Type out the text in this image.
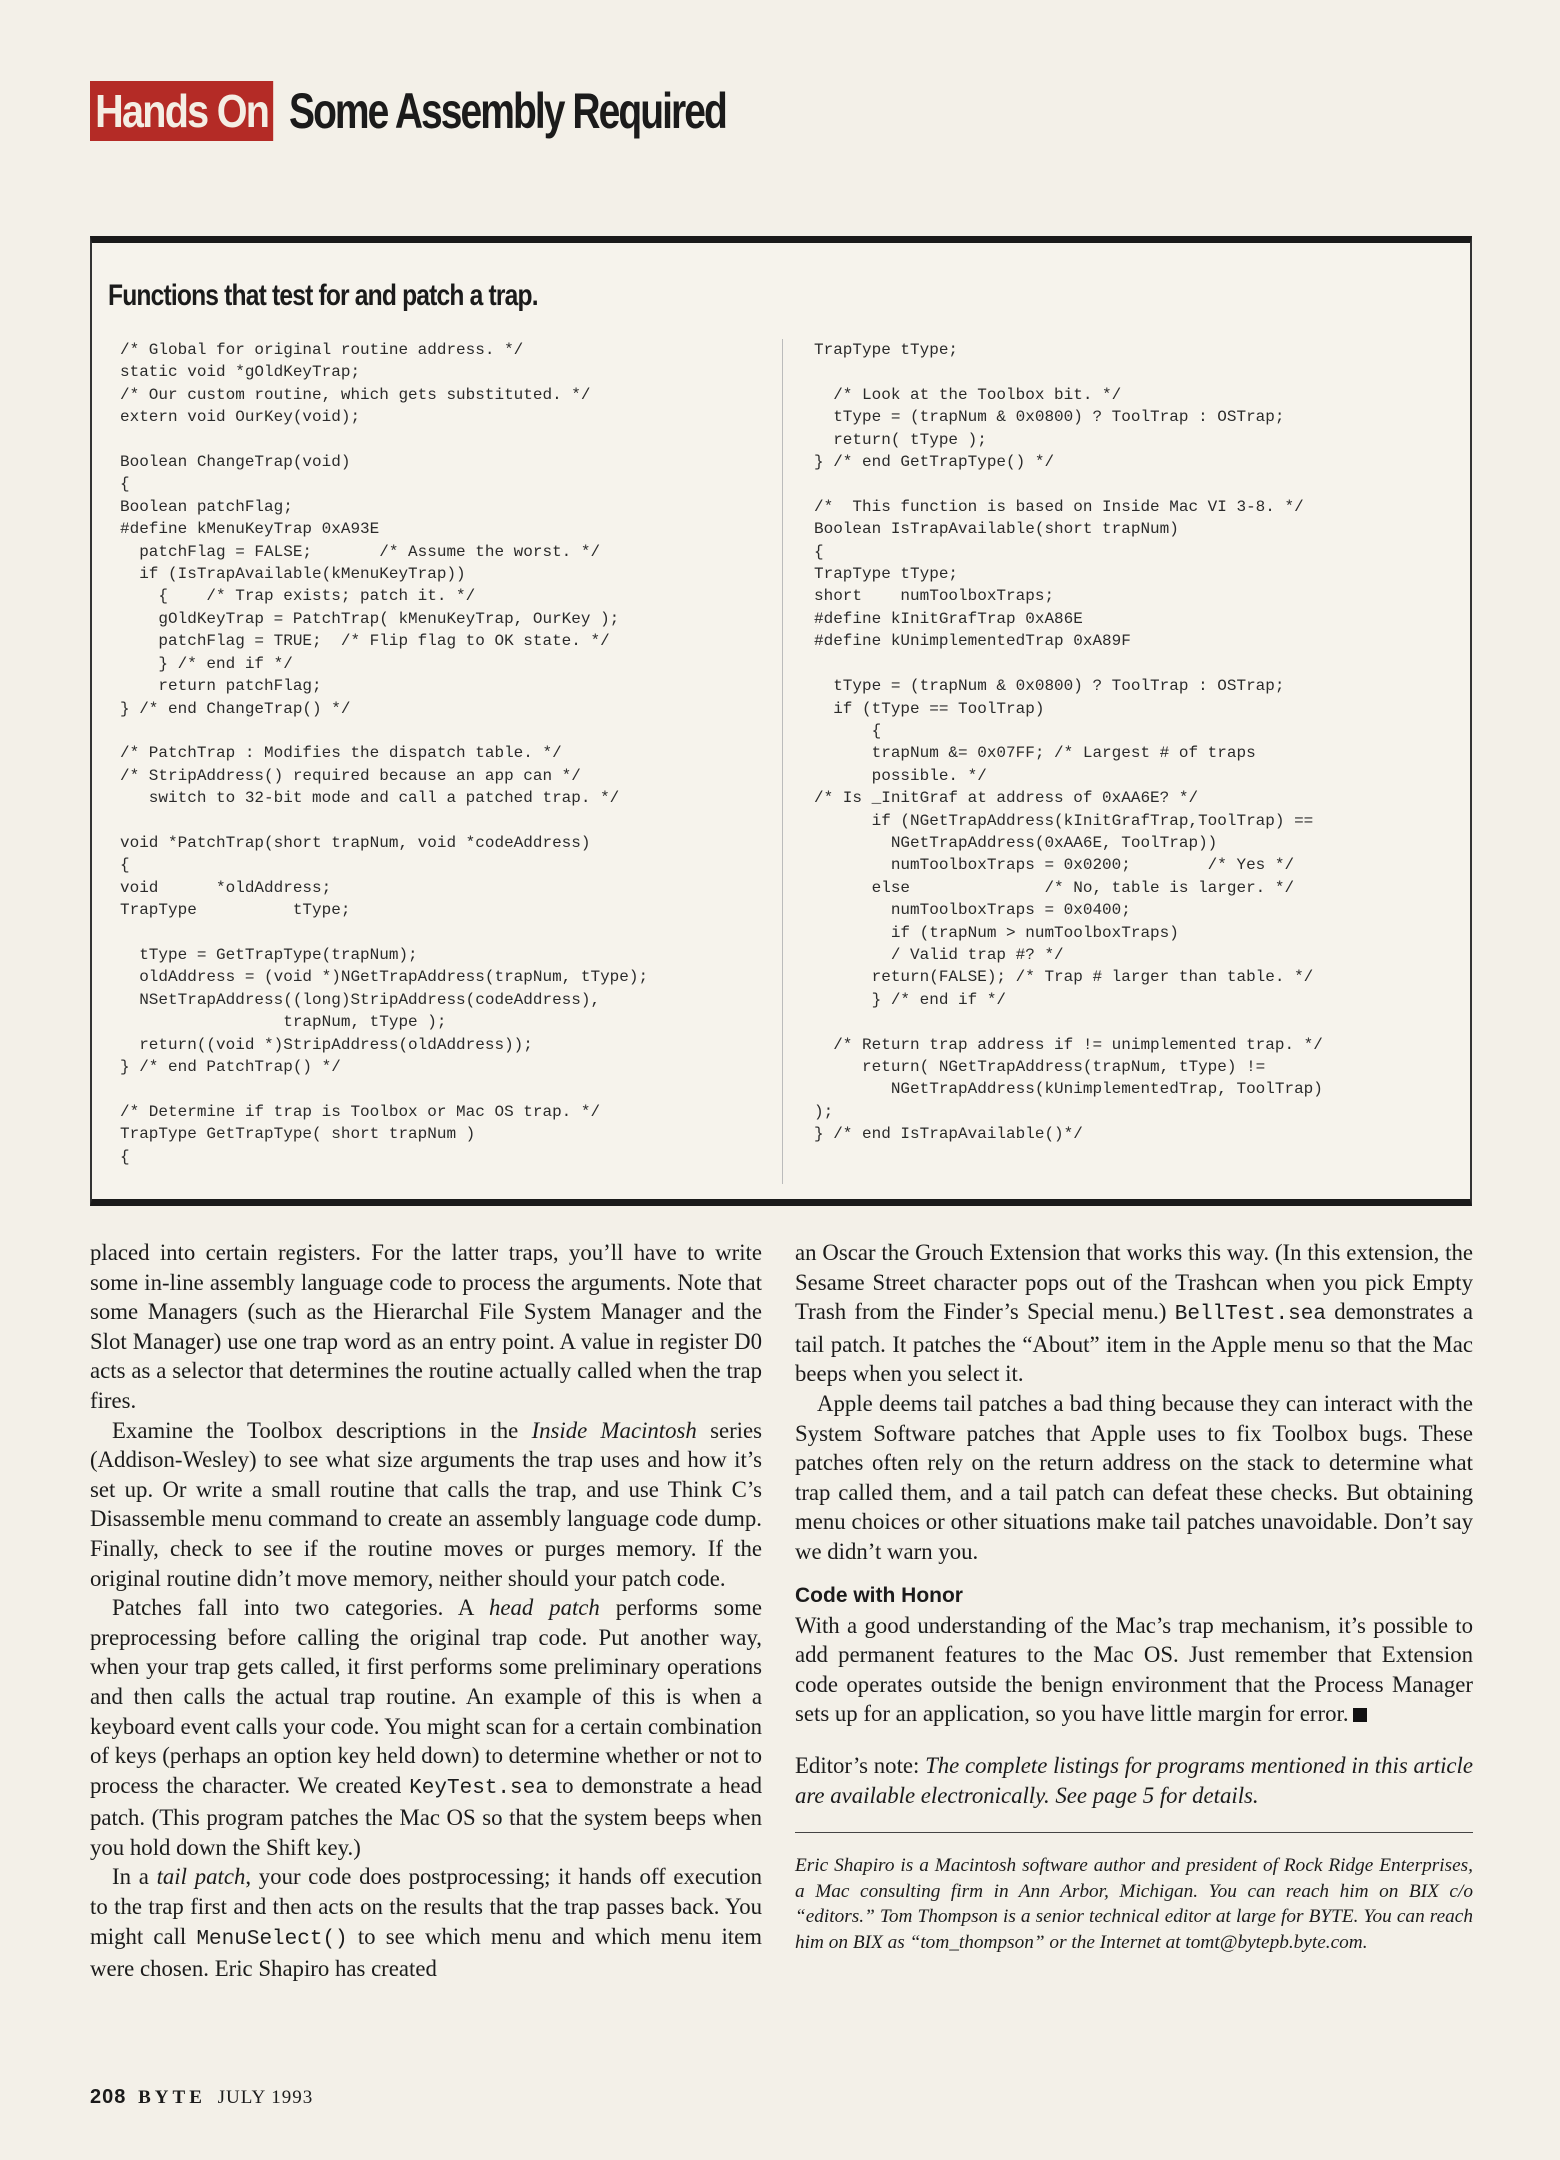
Hands On Some Assembly Required
Functions that test for and patch a trap.
/* Global for original routine address. */
static void *gOldKeyTrap;
/* Our custom routine, which gets substituted. */
extern void OurKey(void);

Boolean ChangeTrap(void)
{
Boolean patchFlag;
#define kMenuKeyTrap 0xA93E
patchFlag = FALSE;       /* Assume the worst. */
if (IsTrapAvailable(kMenuKeyTrap))
{    /* Trap exists; patch it. */
gOldKeyTrap = PatchTrap( kMenuKeyTrap, OurKey );
patchFlag = TRUE;  /* Flip flag to OK state. */
} /* end if */
return patchFlag;
} /* end ChangeTrap() */

/* PatchTrap : Modifies the dispatch table. */
/* StripAddress() required because an app can */
switch to 32-bit mode and call a patched trap. */

void *PatchTrap(short trapNum, void *codeAddress)
{
void      *oldAddress;
TrapType          tType;

tType = GetTrapType(trapNum);
oldAddress = (void *)NGetTrapAddress(trapNum, tType);
NSetTrapAddress((long)StripAddress(codeAddress),
trapNum, tType );
return((void *)StripAddress(oldAddress));
} /* end PatchTrap() */

/* Determine if trap is Toolbox or Mac OS trap. */
TrapType GetTrapType( short trapNum )
{
TrapType tType;

/* Look at the Toolbox bit. */
tType = (trapNum & 0x0800) ? ToolTrap : OSTrap;
return( tType );
} /* end GetTrapType() */

/*  This function is based on Inside Mac VI 3-8. */
Boolean IsTrapAvailable(short trapNum)
{
TrapType tType;
short    numToolboxTraps;
#define kInitGrafTrap 0xA86E
#define kUnimplementedTrap 0xA89F

tType = (trapNum & 0x0800) ? ToolTrap : OSTrap;
if (tType == ToolTrap)
{
trapNum &= 0x07FF; /* Largest # of traps
possible. */
/* Is _InitGraf at address of 0xAA6E? */
if (NGetTrapAddress(kInitGrafTrap,ToolTrap) ==
NGetTrapAddress(0xAA6E, ToolTrap))
numToolboxTraps = 0x0200;        /* Yes */
else              /* No, table is larger. */
numToolboxTraps = 0x0400;
if (trapNum > numToolboxTraps)
/ Valid trap #? */
return(FALSE); /* Trap # larger than table. */
} /* end if */

/* Return trap address if != unimplemented trap. */
return( NGetTrapAddress(trapNum, tType) !=
NGetTrapAddress(kUnimplementedTrap, ToolTrap)
);
} /* end IsTrapAvailable()*/

placed into certain registers. For the latter traps, you’ll have to write some in-line assembly language code to process the arguments. Note that some Managers (such as the Hierarchal File System Manager and the Slot Manager) use one trap word as an entry point. A value in register D0 acts as a selector that determines the routine actually called when the trap fires.

Examine the Toolbox descriptions in the Inside Macintosh series (Addison-Wesley) to see what size arguments the trap uses and how it’s set up. Or write a small routine that calls the trap, and use Think C’s Disassemble menu command to create an assembly language code dump. Finally, check to see if the routine moves or purges memory. If the original routine didn’t move memory, neither should your patch code.

Patches fall into two categories. A head patch performs some preprocessing before calling the original trap code. Put another way, when your trap gets called, it first performs some preliminary operations and then calls the actual trap routine. An example of this is when a keyboard event calls your code. You might scan for a certain combination of keys (perhaps an option key held down) to determine whether or not to process the character. We created KeyTest.sea to demonstrate a head patch. (This program patches the Mac OS so that the system beeps when you hold down the Shift key.)

In a tail patch, your code does postprocessing; it hands off execution to the trap first and then acts on the results that the trap passes back. You might call MenuSelect() to see which menu and which menu item were chosen. Eric Shapiro has created

an Oscar the Grouch Extension that works this way. (In this extension, the Sesame Street character pops out of the Trashcan when you pick Empty Trash from the Finder’s Special menu.) BellTest.sea demonstrates a tail patch. It patches the “About” item in the Apple menu so that the Mac beeps when you select it.

Apple deems tail patches a bad thing because they can interact with the System Software patches that Apple uses to fix Toolbox bugs. These patches often rely on the return address on the stack to determine what trap called them, and a tail patch can defeat these checks. But obtaining menu choices or other situations make tail patches unavoidable. Don’t say we didn’t warn you.

Code with Honor

With a good understanding of the Mac’s trap mechanism, it’s possible to add permanent features to the Mac OS. Just remember that Extension code operates outside the benign environment that the Process Manager sets up for an application, so you have little margin for error.

Editor’s note: The complete listings for programs mentioned in this article are available electronically. See page 5 for details.

Eric Shapiro is a Macintosh software author and president of Rock Ridge Enterprises, a Mac consulting firm in Ann Arbor, Michigan. You can reach him on BIX c/o “editors.” Tom Thompson is a senior technical editor at large for BYTE. You can reach him on BIX as “tom_thompson” or the Internet at tomt@bytepb.byte.com.

208 BYTE JULY 1993
